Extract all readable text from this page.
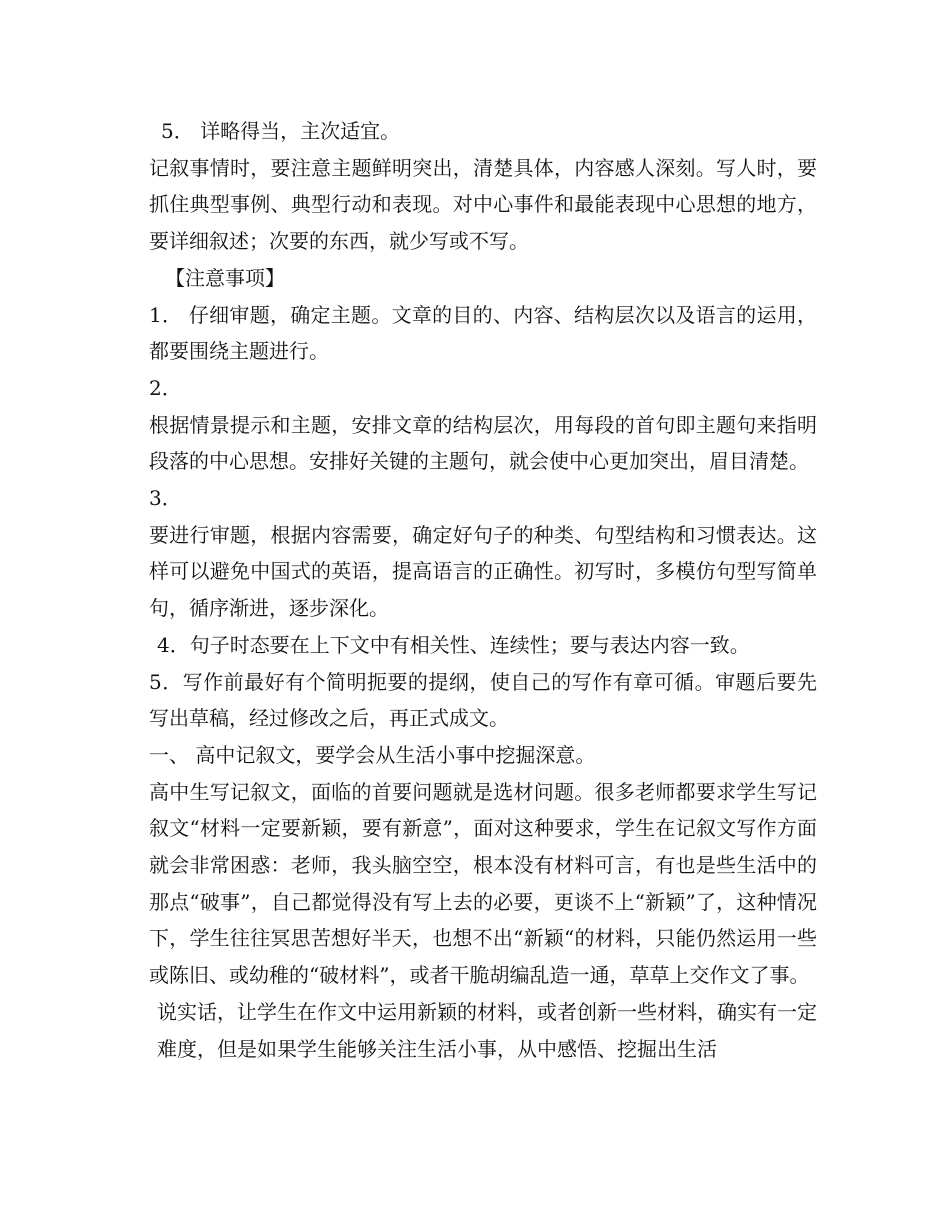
5． 详略得当，主次适宜。

记叙事情时，要注意主题鲜明突出，清楚具体，内容感人深刻。写人时，要抓住典型事例、典型行动和表现。对中心事件和最能表现中心思想的地方，要详细叙述；次要的东西，就少写或不写。

【注意事项】

1． 仔细审题，确定主题。文章的目的、内容、结构层次以及语言的运用，都要围绕主题进行。

2．

根据情景提示和主题，安排文章的结构层次，用每段的首句即主题句来指明段落的中心思想。安排好关键的主题句，就会使中心更加突出，眉目清楚。

3．

要进行审题，根据内容需要，确定好句子的种类、句型结构和习惯表达。这样可以避免中国式的英语，提高语言的正确性。初写时，多模仿句型写简单句，循序渐进，逐步深化。

4．句子时态要在上下文中有相关性、连续性；要与表达内容一致。

5．写作前最好有个简明扼要的提纲，使自己的写作有章可循。审题后要先写出草稿，经过修改之后，再正式成文。

一、 高中记叙文，要学会从生活小事中挖掘深意。

高中生写记叙文，面临的首要问题就是选材问题。很多老师都要求学生写记叙文“材料一定要新颖，要有新意”，面对这种要求，学生在记叙文写作方面就会非常困惑：老师，我头脑空空，根本没有材料可言，有也是些生活中的那点“破事”，自己都觉得没有写上去的必要，更谈不上“新颖”了，这种情况下，学生往往冥思苦想好半天，也想不出“新颖“的材料，只能仍然运用一些或陈旧、或幼稚的“破材料”，或者干脆胡编乱造一通，草草上交作文了事。

说实话，让学生在作文中运用新颖的材料，或者创新一些材料，确实有一定难度，但是如果学生能够关注生活小事，从中感悟、挖掘出生活
